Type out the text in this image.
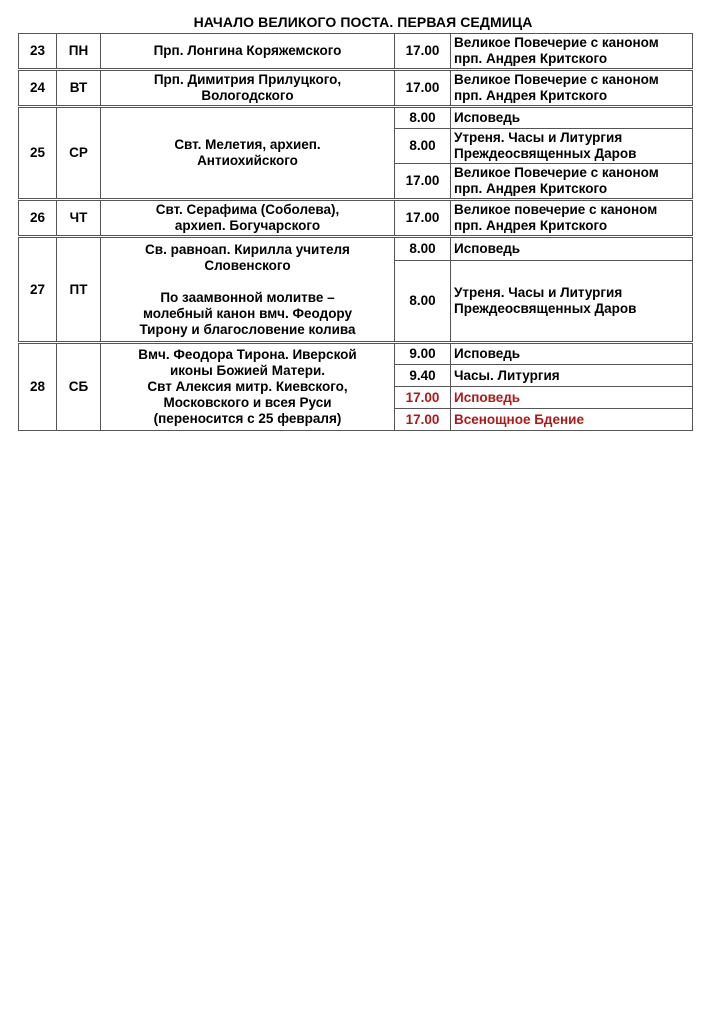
НАЧАЛО ВЕЛИКОГО ПОСТА. ПЕРВАЯ СЕДМИЦА
23	ПН	Прп. Лонгина Коряжемского	17.00	Великое Повечерие с каноном
прп. Андрея Критского
24	ВТ	Прп. Димитрия Прилуцкого,
Вологодского	17.00	Великое Повечерие с каноном
прп. Андрея Критского
25	СР	Свт. Мелетия, архиеп.
Антиохийского	8.00	Исповедь
			8.00	Утреня. Часы и Литургия
Преждеосвященных Даров
			17.00	Великое Повечерие с каноном
прп. Андрея Критского
26	ЧТ	Свт. Серафима (Соболева),
архиеп. Богучарского	17.00	Великое повечерие с каноном
прп. Андрея Критского
27	ПТ	Св. равноап. Кирилла учителя
Словенского
По заамвонной молитве –
молебный канон вмч. Феодору
Тирону и благословение колива	8.00	Исповедь
			8.00	Утреня. Часы и Литургия
Преждеосвященных Даров
28	СБ	Вмч. Феодора Тирона. Иверской
иконы Божией Матери.
Свт Алексия митр. Киевского,
Московского и всея Руси
(переносится с 25 февраля)	9.00	Исповедь
			9.40	Часы. Литургия
			17.00	Исповедь
			17.00	Всенощное Бдение
